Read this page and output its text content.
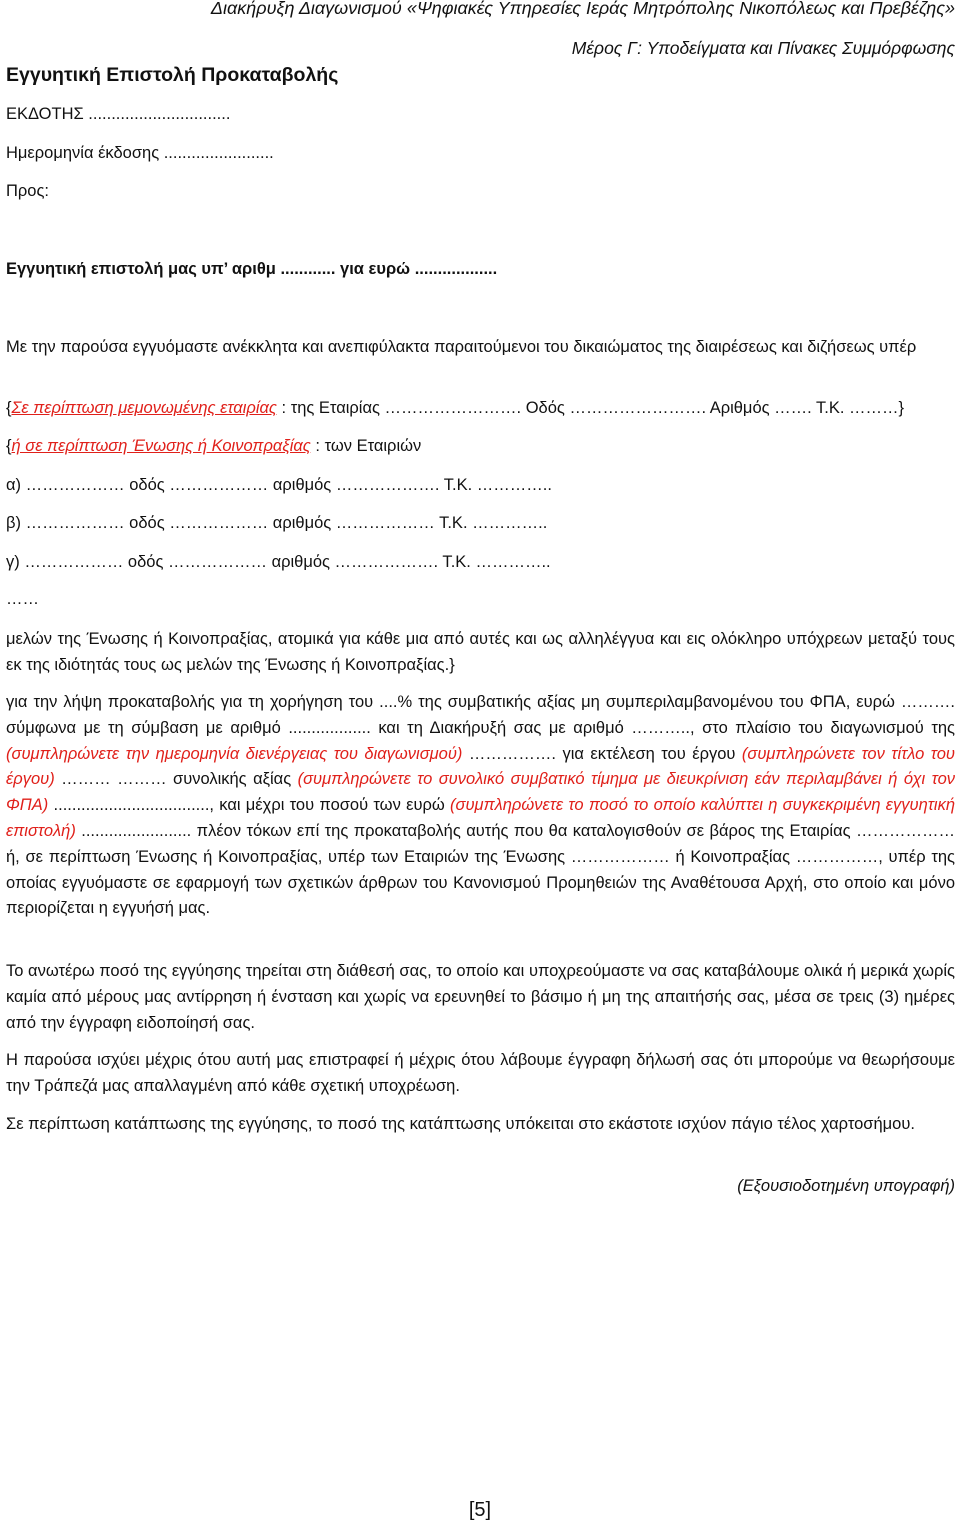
Διακήρυξη Διαγωνισμού «Ψηφιακές Υπηρεσίες Ιεράς Μητρόπολης Νικοπόλεως και Πρεβέζης»
Μέρος Γ: Υποδείγματα και Πίνακες Συμμόρφωσης
Εγγυητική Επιστολή Προκαταβολής
ΕΚΔΟΤΗΣ ...............................
Ημερομηνία έκδοσης ........................
Προς:
Εγγυητική επιστολή μας υπ’ αριθμ ............ για ευρώ ..................
Με την παρούσα εγγυόμαστε ανέκκλητα και ανεπιφύλακτα παραιτούμενοι του δικαιώματος της διαιρέσεως και διζήσεως υπέρ
{Σε περίπτωση μεμονωμένης εταιρίας : της Εταιρίας ……………………. Οδός ……………………. Αριθμός ……. Τ.Κ. ………}
{ή σε περίπτωση Ένωσης ή Κοινοπραξίας : των Εταιριών
α) ……………… οδός ……………… αριθμός ………………. Τ.Κ. …………..
β) ……………… οδός ……………… αριθμός ……………… Τ.Κ. …………..
γ) ……………… οδός ……………… αριθμός ………………. Τ.Κ. …………..
……
μελών της Ένωσης ή Κοινοπραξίας, ατομικά για κάθε μια από αυτές και ως αλληλέγγυα και εις ολόκληρο υπόχρεων μεταξύ τους εκ της ιδιότητάς τους ως μελών της Ένωσης ή Κοινοπραξίας.}
για την λήψη προκαταβολής για τη χορήγηση του ....% της συμβατικής αξίας μη συμπεριλαμβανομένου του ΦΠΑ, ευρώ ………. σύμφωνα με τη σύμβαση με αριθμό .................. και τη Διακήρυξή σας με αριθμό ……….., στο πλαίσιο του διαγωνισμού της (συμπληρώνετε την ημερομηνία διενέργειας του διαγωνισμού) ……………. για εκτέλεση του έργου (συμπληρώνετε τον τίτλο του έργου) ……… ……… συνολικής αξίας (συμπληρώνετε το συνολικό συμβατικό τίμημα με διευκρίνιση εάν περιλαμβάνει ή όχι τον ΦΠΑ) .................................., και μέχρι του ποσού των ευρώ (συμπληρώνετε το ποσό το οποίο καλύπτει η συγκεκριμένη εγγυητική επιστολή) ........................ πλέον τόκων επί της προκαταβολής αυτής που θα καταλογισθούν σε βάρος της Εταιρίας ……………… ή, σε περίπτωση Ένωσης ή Κοινοπραξίας, υπέρ των Εταιριών της Ένωσης ……………… ή Κοινοπραξίας ……………, υπέρ της οποίας εγγυόμαστε σε εφαρμογή των σχετικών άρθρων του Κανονισμού Προμηθειών της Αναθέτουσα Αρχή, στο οποίο και μόνο περιορίζεται η εγγυήσή μας.
Το ανωτέρω ποσό της εγγύησης τηρείται στη διάθεσή σας, το οποίο και υποχρεούμαστε να σας καταβάλουμε ολικά ή μερικά χωρίς καμία από μέρους μας αντίρρηση ή ένσταση και χωρίς να ερευνηθεί το βάσιμο ή μη της απαιτήσής σας, μέσα σε τρεις (3) ημέρες από την έγγραφη ειδοποίησή σας.
Η παρούσα ισχύει μέχρις ότου αυτή μας επιστραφεί ή μέχρις ότου λάβουμε έγγραφη δήλωσή σας ότι μπορούμε να θεωρήσουμε την Τράπεζά μας απαλλαγμένη από κάθε σχετική υποχρέωση.
Σε περίπτωση κατάπτωσης της εγγύησης, το ποσό της κατάπτωσης υπόκειται στο εκάστοτε ισχύον πάγιο τέλος χαρτοσήμου.
(Εξουσιοδοτημένη υπογραφή)
[5]
